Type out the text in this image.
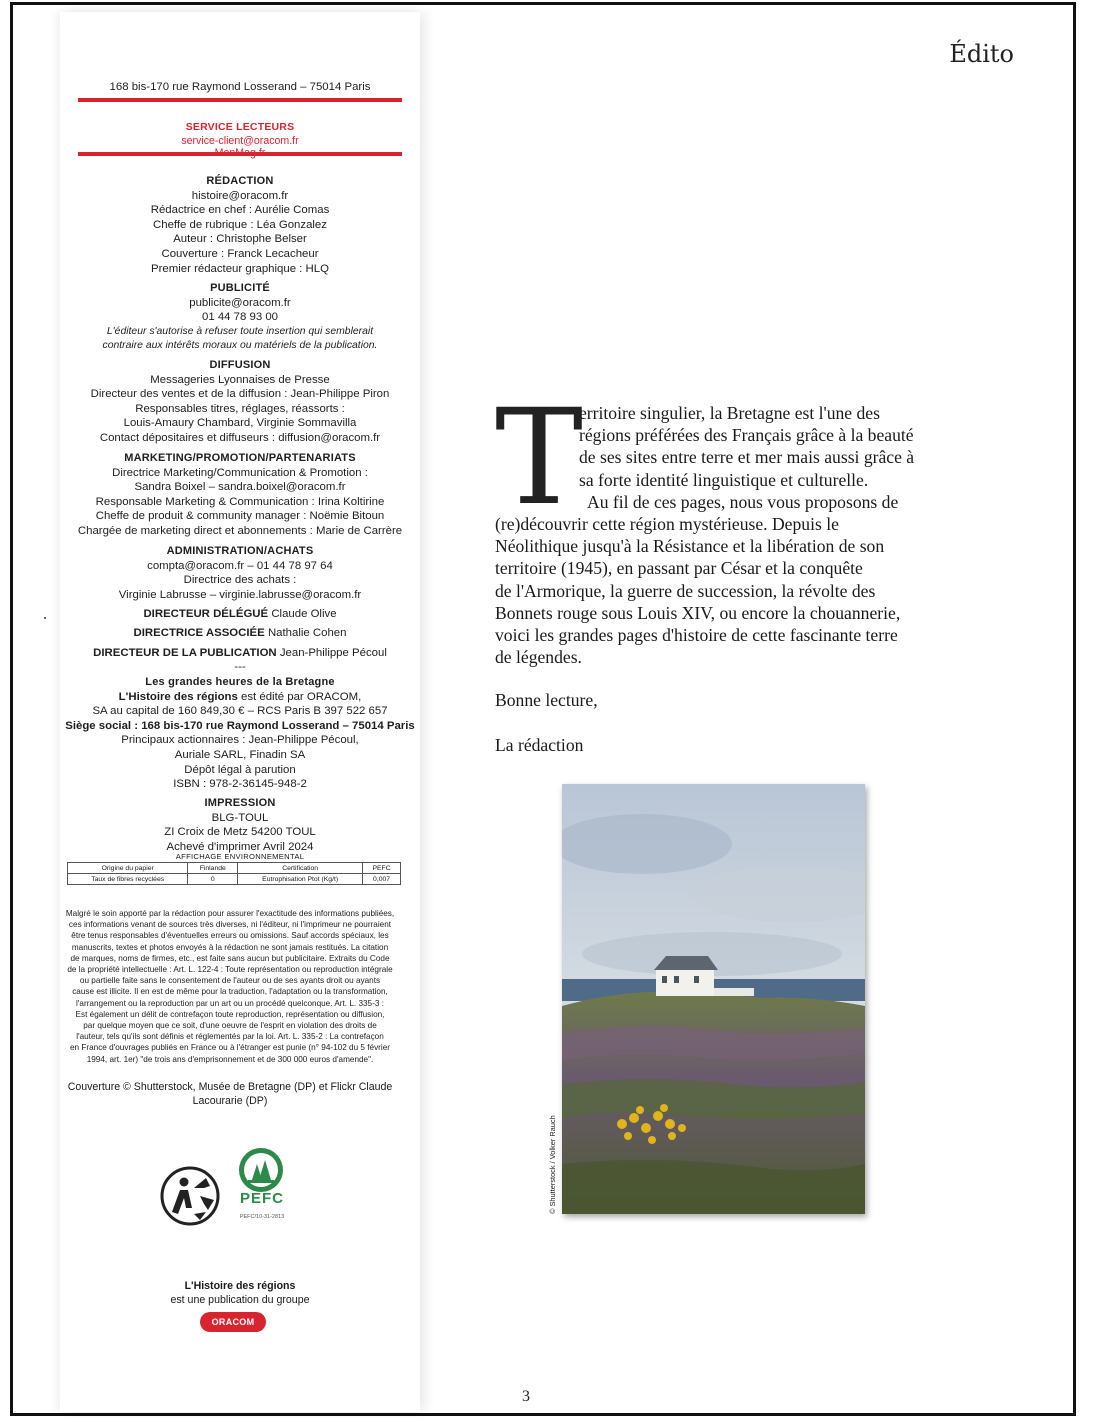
168 bis-170 rue Raymond Losserand – 75014 Paris
SERVICE LECTEURS
service-client@oracom.fr
RÉDACTION
histoire@oracom.fr
Rédactrice en chef : Aurélie Comas
Cheffe de rubrique : Léa Gonzalez
Auteur : Christophe Belser
Couverture : Franck Lecacheur
Premier rédacteur graphique : HLQ
PUBLICITÉ
publicite@oracom.fr
01 44 78 93 00
L'éditeur s'autorise à refuser toute insertion qui semblerait
contraire aux intérêts moraux ou matériels de la publication.
DIFFUSION
Messageries Lyonnaises de Presse
Directeur des ventes et de la diffusion : Jean-Philippe Piron
Responsables titres, réglages, réassorts :
Louis-Amaury Chambard, Virginie Sommavilla
Contact dépositaires et diffuseurs : diffusion@oracom.fr
MARKETING/PROMOTION/PARTENARIATS
Directrice Marketing/Communication & Promotion :
Sandra Boixel – sandra.boixel@oracom.fr
Responsable Marketing & Communication : Irina Koltirine
Cheffe de produit & community manager : Noëmie Bitoun
Chargée de marketing direct et abonnements : Marie de Carrère
ADMINISTRATION/ACHATS
compta@oracom.fr – 01 44 78 97 64
Directrice des achats :
Virginie Labrusse – virginie.labrusse@oracom.fr
DIRECTEUR DÉLÉGUÉ Claude Olive
DIRECTRICE ASSOCIÉE Nathalie Cohen
DIRECTEUR DE LA PUBLICATION Jean-Philippe Pécoul
---
Les grandes heures de la Bretagne
L'Histoire des régions est édité par ORACOM,
SA au capital de 160 849,30 € – RCS Paris B 397 522 657
Siège social : 168 bis-170 rue Raymond Losserand – 75014 Paris
Principaux actionnaires : Jean-Philippe Pécoul,
Auriale SARL, Finadin SA
Dépôt légal à parution
ISBN : 978-2-36145-948-2
IMPRESSION
BLG-TOUL
ZI Croix de Metz 54200 TOUL
Achevé d'imprimer Avril 2024
AFFICHAGE ENVIRONNEMENTAL
Origine du papier	Finlande	Certification	PEFC
Taux de fibres recyclées	0	Eutrophisation Ptot (Kg/t)	0,007
Malgré le soin apporté par la rédaction pour assurer l'exactitude des informations publiées,
ces informations venant de sources très diverses, ni l'éditeur, ni l'imprimeur ne pourraient
être tenus responsables d'éventuelles erreurs ou omissions. Sauf accords spéciaux, les
manuscrits, textes et photos envoyés à la rédaction ne sont jamais restitués. La citation
de marques, noms de firmes, etc., est faite sans aucun but publicitaire. Extraits du Code
de la propriété intellectuelle : Art. L. 122-4 : Toute représentation ou reproduction intégrale
ou partielle faite sans le consentement de l'auteur ou de ses ayants droit ou ayants
cause est illicite. Il en est de même pour la traduction, l'adaptation ou la transformation,
l'arrangement ou la reproduction par un art ou un procédé quelconque. Art. L. 335-3 :
Est également un délit de contrefaçon toute reproduction, représentation ou diffusion,
par quelque moyen que ce soit, d'une oeuvre de l'esprit en violation des droits de
l'auteur, tels qu'ils sont définis et réglementés par la loi. Art. L. 335-2 : La contrefaçon
en France d'ouvrages publiés en France ou à l'étranger est punie (n° 94-102 du 5 février
1994, art. 1er) "de trois ans d'emprisonnement et de 300 000 euros d'amende".
Couverture © Shutterstock, Musée de Bretagne (DP) et Flickr Claude
Lacourarie (DP)
PEFC
PEFC/10-31-2813
L'Histoire des régions
est une publication du groupe
ORACOM
Édito
T
erritoire singulier, la Bretagne est l'une des
régions préférées des Français grâce à la beauté
de ses sites entre terre et mer mais aussi grâce à
sa forte identité linguistique et culturelle.
Au fil de ces pages, nous vous proposons de
(re)découvrir cette région mystérieuse. Depuis le
Néolithique jusqu'à la Résistance et la libération de son
territoire (1945), en passant par César et la conquête
de l'Armorique, la guerre de succession, la révolte des
Bonnets rouge sous Louis XIV, ou encore la chouannerie,
voici les grandes pages d'histoire de cette fascinante terre
de légendes.
Bonne lecture,
La rédaction
© Shutterstock / Volker Rauch
3
